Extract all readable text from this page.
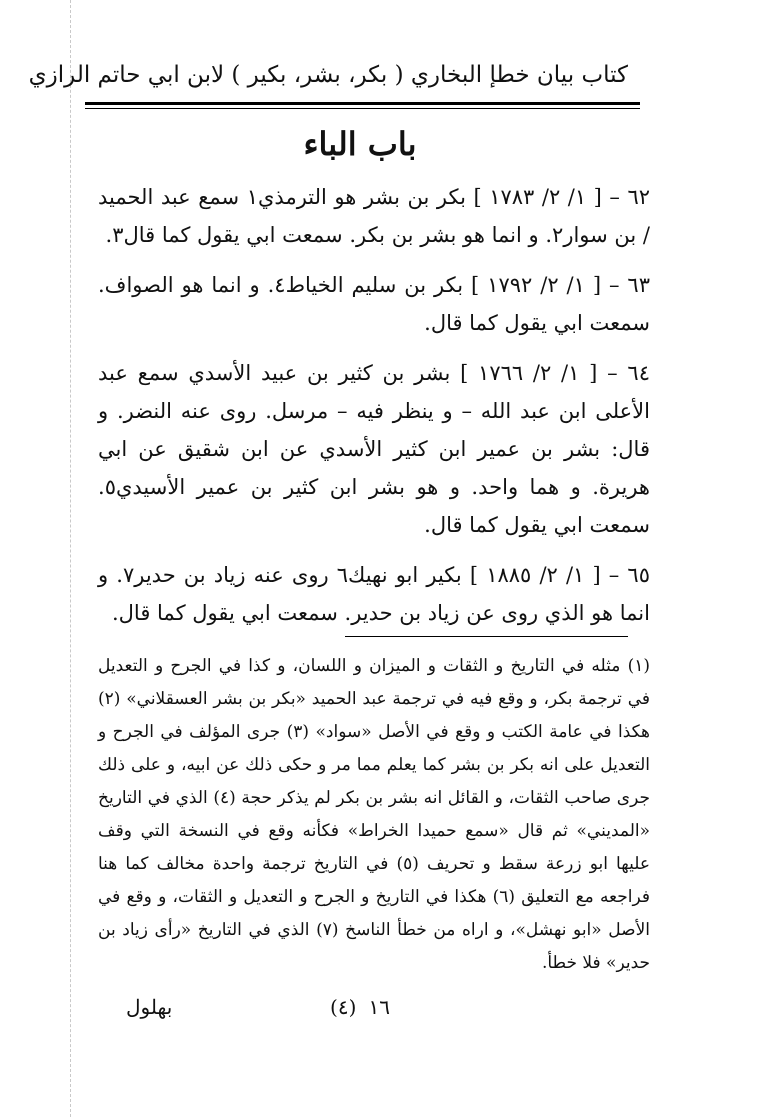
كتاب بيان خطإ البخاري ( بكر، بشر، بكير ) لابن ابي حاتم الرازي
باب الباء

٦٢ – [ ١/ ٢/ ١٧٨٣ ] بكر بن بشر هو الترمذي١ سمع عبد الحميد / بن سوار٢. و انما هو بشر بن بكر. سمعت ابي يقول كما قال٣.

٦٣ – [ ١/ ٢/ ١٧٩٢ ] بكر بن سليم الخياط٤. و انما هو الصواف. سمعت ابي يقول كما قال.

٦٤ – [ ١/ ٢/ ١٧٦٦ ] بشر بن كثير بن عبيد الأسدي سمع عبد الأعلى ابن عبد الله – و ينظر فيه – مرسل. روى عنه النضر. و قال: بشر بن عمير ابن كثير الأسدي عن ابن شقيق عن ابي هريرة. و هما واحد. و هو بشر ابن كثير بن عمير الأسيدي٥. سمعت ابي يقول كما قال.

٦٥ – [ ١/ ٢/ ١٨٨٥ ] بكير ابو نهيك٦ روى عنه زياد بن حدير٧. و انما هو الذي روى عن زياد بن حدير. سمعت ابي يقول كما قال.

(١) مثله في التاريخ و الثقات و الميزان و اللسان، و كذا في الجرح و التعديل في ترجمة بكر، و وقع فيه في ترجمة عبد الحميد «بكر بن بشر العسقلاني» (٢) هكذا في عامة الكتب و وقع في الأصل «سواد» (٣) جرى المؤلف في الجرح و التعديل على انه بكر بن بشر كما يعلم مما مر و حكى ذلك عن ابيه، و على ذلك جرى صاحب الثقات، و القائل انه بشر بن بكر لم يذكر حجة (٤) الذي في التاريخ «المديني» ثم قال «سمع حميدا الخراط» فكأنه وقع في النسخة التي وقف عليها ابو زرعة سقط و تحريف (٥) في التاريخ ترجمة واحدة مخالف كما هنا فراجعه مع التعليق (٦) هكذا في التاريخ و الجرح و التعديل و الثقات، و وقع في الأصل «ابو نهشل»، و اراه من خطأ الناسخ (٧) الذي في التاريخ «رأى زياد بن حدير» فلا خطأ.
١٦
(٤)
بهلول
